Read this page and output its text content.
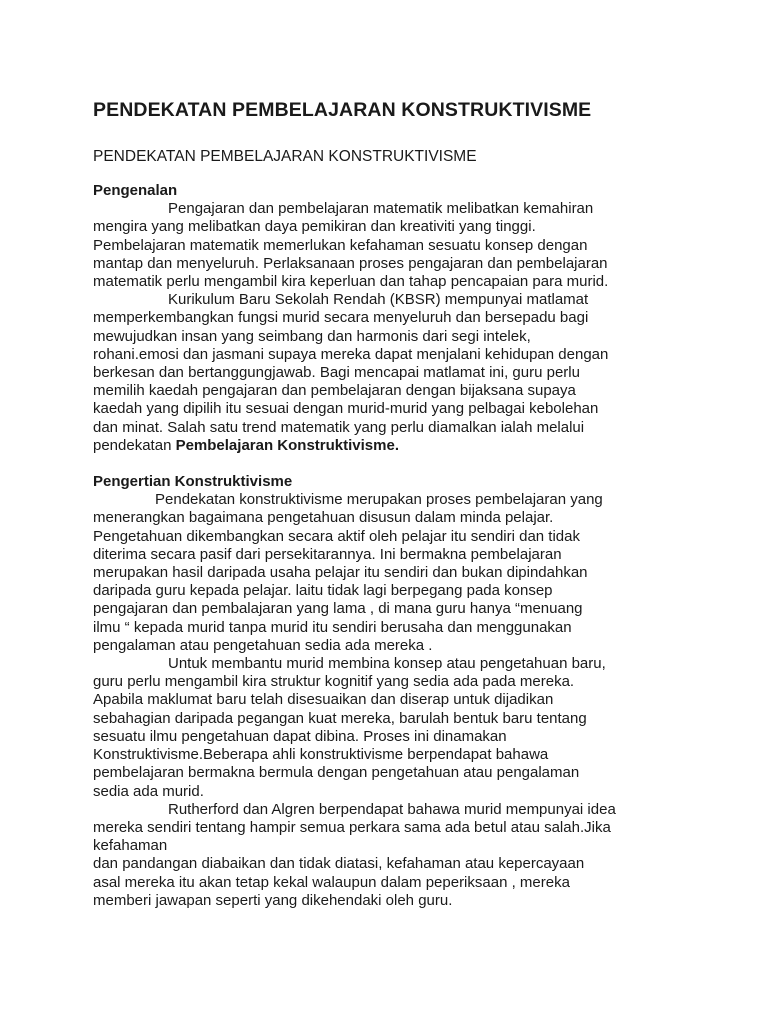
PENDEKATAN PEMBELAJARAN KONSTRUKTIVISME
PENDEKATAN PEMBELAJARAN KONSTRUKTIVISME
Pengenalan
Pengajaran dan pembelajaran matematik melibatkan kemahiran
mengira yang melibatkan daya pemikiran dan kreativiti yang tinggi.
Pembelajaran matematik memerlukan kefahaman sesuatu konsep dengan
mantap dan menyeluruh. Perlaksanaan proses pengajaran dan pembelajaran
matematik perlu mengambil kira keperluan dan tahap pencapaian para murid.
Kurikulum Baru Sekolah Rendah (KBSR) mempunyai matlamat
memperkembangkan fungsi murid secara menyeluruh dan bersepadu bagi
mewujudkan insan yang seimbang dan harmonis dari segi intelek,
rohani.emosi dan jasmani supaya mereka dapat menjalani kehidupan dengan
berkesan dan bertanggungjawab. Bagi mencapai matlamat ini, guru perlu
memilih kaedah pengajaran dan pembelajaran dengan bijaksana supaya
kaedah yang dipilih itu sesuai dengan murid-murid yang pelbagai kebolehan
dan minat. Salah satu trend matematik yang perlu diamalkan ialah melalui
pendekatan Pembelajaran Konstruktivisme.
Pengertian Konstruktivisme
Pendekatan konstruktivisme merupakan proses pembelajaran yang
menerangkan bagaimana pengetahuan disusun dalam minda pelajar.
Pengetahuan dikembangkan secara aktif oleh pelajar itu sendiri dan tidak
diterima secara pasif dari persekitarannya. Ini bermakna pembelajaran
merupakan hasil daripada usaha pelajar itu sendiri dan bukan dipindahkan
daripada guru kepada pelajar. laitu tidak lagi berpegang pada konsep
pengajaran dan pembalajaran yang lama , di mana guru hanya “menuang
ilmu “ kepada murid tanpa murid itu sendiri berusaha dan menggunakan
pengalaman atau pengetahuan sedia ada mereka .
Untuk membantu murid membina konsep atau pengetahuan baru,
guru perlu mengambil kira struktur kognitif yang sedia ada pada mereka.
Apabila maklumat baru telah disesuaikan dan diserap untuk dijadikan
sebahagian daripada pegangan kuat mereka, barulah bentuk baru tentang
sesuatu ilmu pengetahuan dapat dibina. Proses ini dinamakan
Konstruktivisme.Beberapa ahli konstruktivisme berpendapat bahawa
pembelajaran bermakna bermula dengan pengetahuan atau pengalaman
sedia ada murid.
Rutherford dan Algren berpendapat bahawa murid mempunyai idea
mereka sendiri tentang hampir semua perkara sama ada betul atau salah.Jika
kefahaman
dan pandangan diabaikan dan tidak diatasi, kefahaman atau kepercayaan
asal mereka itu akan tetap kekal walaupun dalam peperiksaan , mereka
memberi jawapan seperti yang dikehendaki oleh guru.
